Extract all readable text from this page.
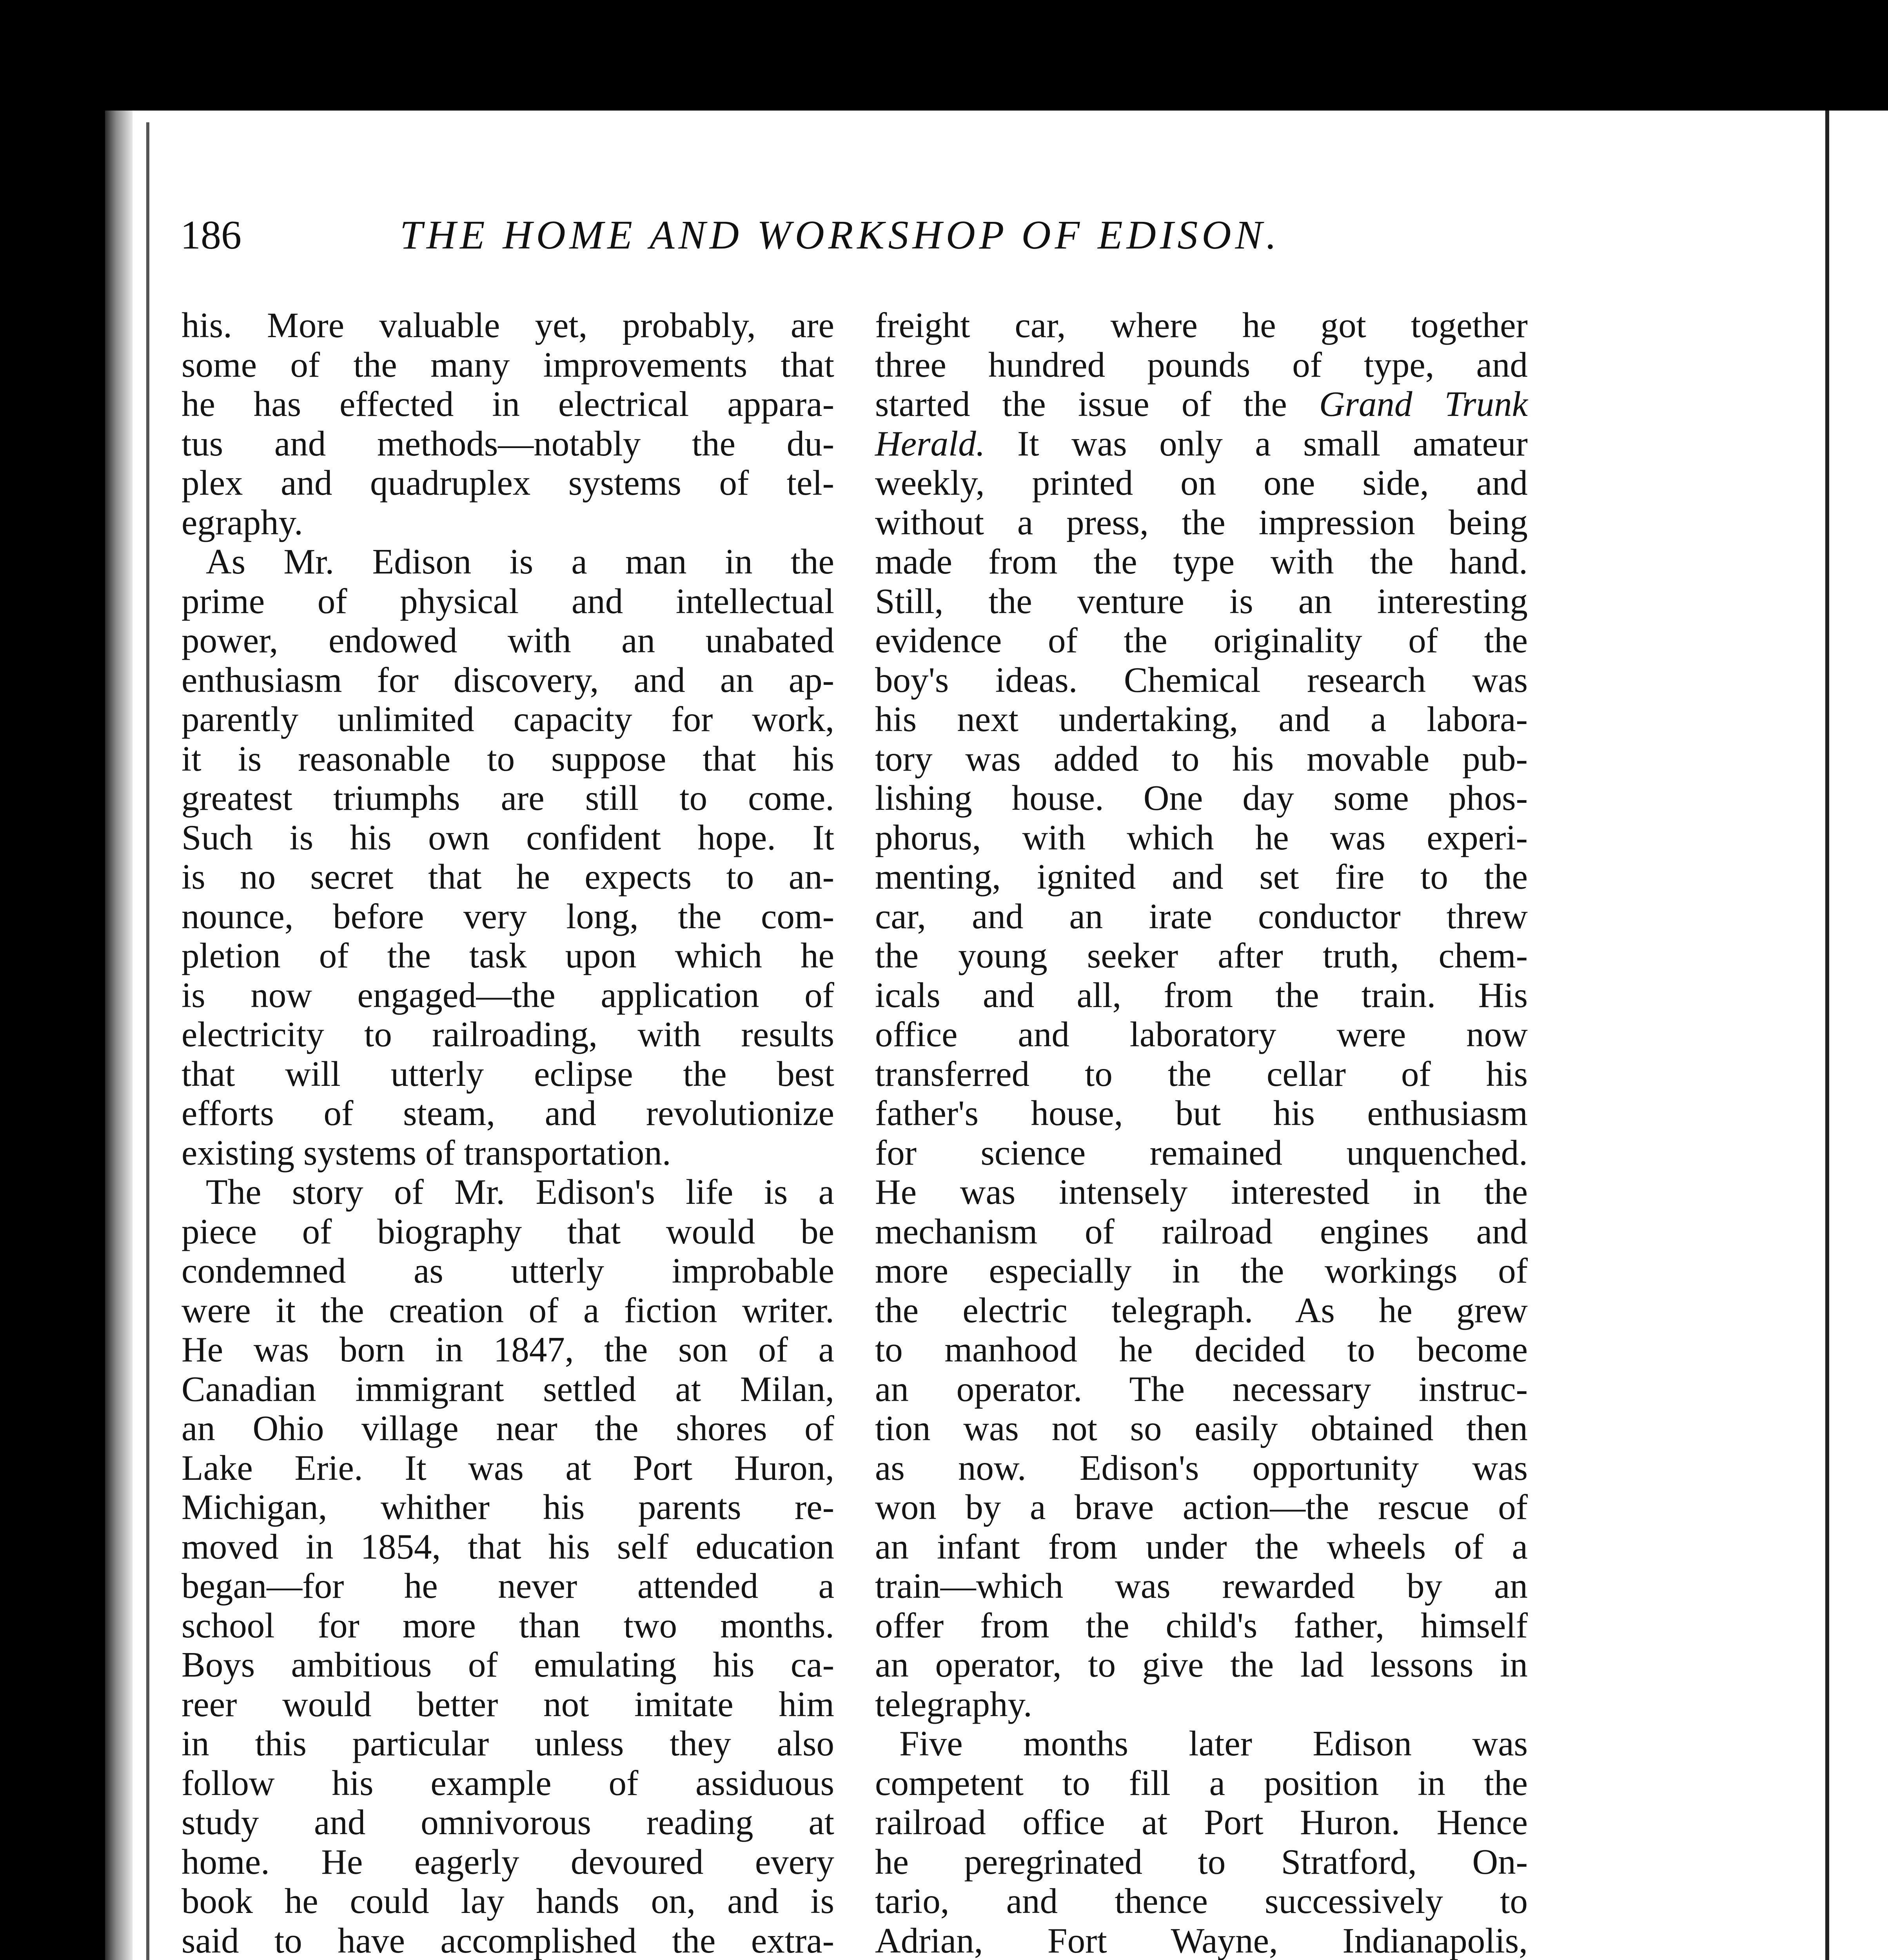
186	THE HOME AND WORKSHOP OF EDISON.
his. More valuable yet, probably, are
some of the many improvements that
he has effected in electrical appara-
tus and methods—notably the du-
plex and quadruplex systems of tel-
egraphy.
As Mr. Edison is a man in the
prime of physical and intellectual
power, endowed with an unabated
enthusiasm for discovery, and an ap-
parently unlimited capacity for work,
it is reasonable to suppose that his
greatest triumphs are still to come.
Such is his own confident hope. It
is no secret that he expects to an-
nounce, before very long, the com-
pletion of the task upon which he
is now engaged—the application of
electricity to railroading, with results
that will utterly eclipse the best
efforts of steam, and revolutionize
existing systems of transportation.
The story of Mr. Edison's life is a
piece of biography that would be
condemned as utterly improbable
were it the creation of a fiction writer.
He was born in 1847, the son of a
Canadian immigrant settled at Milan,
an Ohio village near the shores of
Lake Erie. It was at Port Huron,
Michigan, whither his parents re-
moved in 1854, that his self education
began—for he never attended a
school for more than two months.
Boys ambitious of emulating his ca-
reer would better not imitate him
in this particular unless they also
follow his example of assiduous
study and omnivorous reading at
home. He eagerly devoured every
book he could lay hands on, and is
said to have accomplished the extra-
freight car, where he got together
three hundred pounds of type, and
started the issue of the Grand Trunk
Herald. It was only a small amateur
weekly, printed on one side, and
without a press, the impression being
made from the type with the hand.
Still, the venture is an interesting
evidence of the originality of the
boy's ideas. Chemical research was
his next undertaking, and a labora-
tory was added to his movable pub-
lishing house. One day some phos-
phorus, with which he was experi-
menting, ignited and set fire to the
car, and an irate conductor threw
the young seeker after truth, chem-
icals and all, from the train. His
office and laboratory were now
transferred to the cellar of his
father's house, but his enthusiasm
for science remained unquenched.
He was intensely interested in the
mechanism of railroad engines and
more especially in the workings of
the electric telegraph. As he grew
to manhood he decided to become
an operator. The necessary instruc-
tion was not so easily obtained then
as now. Edison's opportunity was
won by a brave action—the rescue of
an infant from under the wheels of a
train—which was rewarded by an
offer from the child's father, himself
an operator, to give the lad lessons in
telegraphy.
Five months later Edison was
competent to fill a position in the
railroad office at Port Huron. Hence
he peregrinated to Stratford, On-
tario, and thence successively to
Adrian, Fort Wayne, Indianapolis,
